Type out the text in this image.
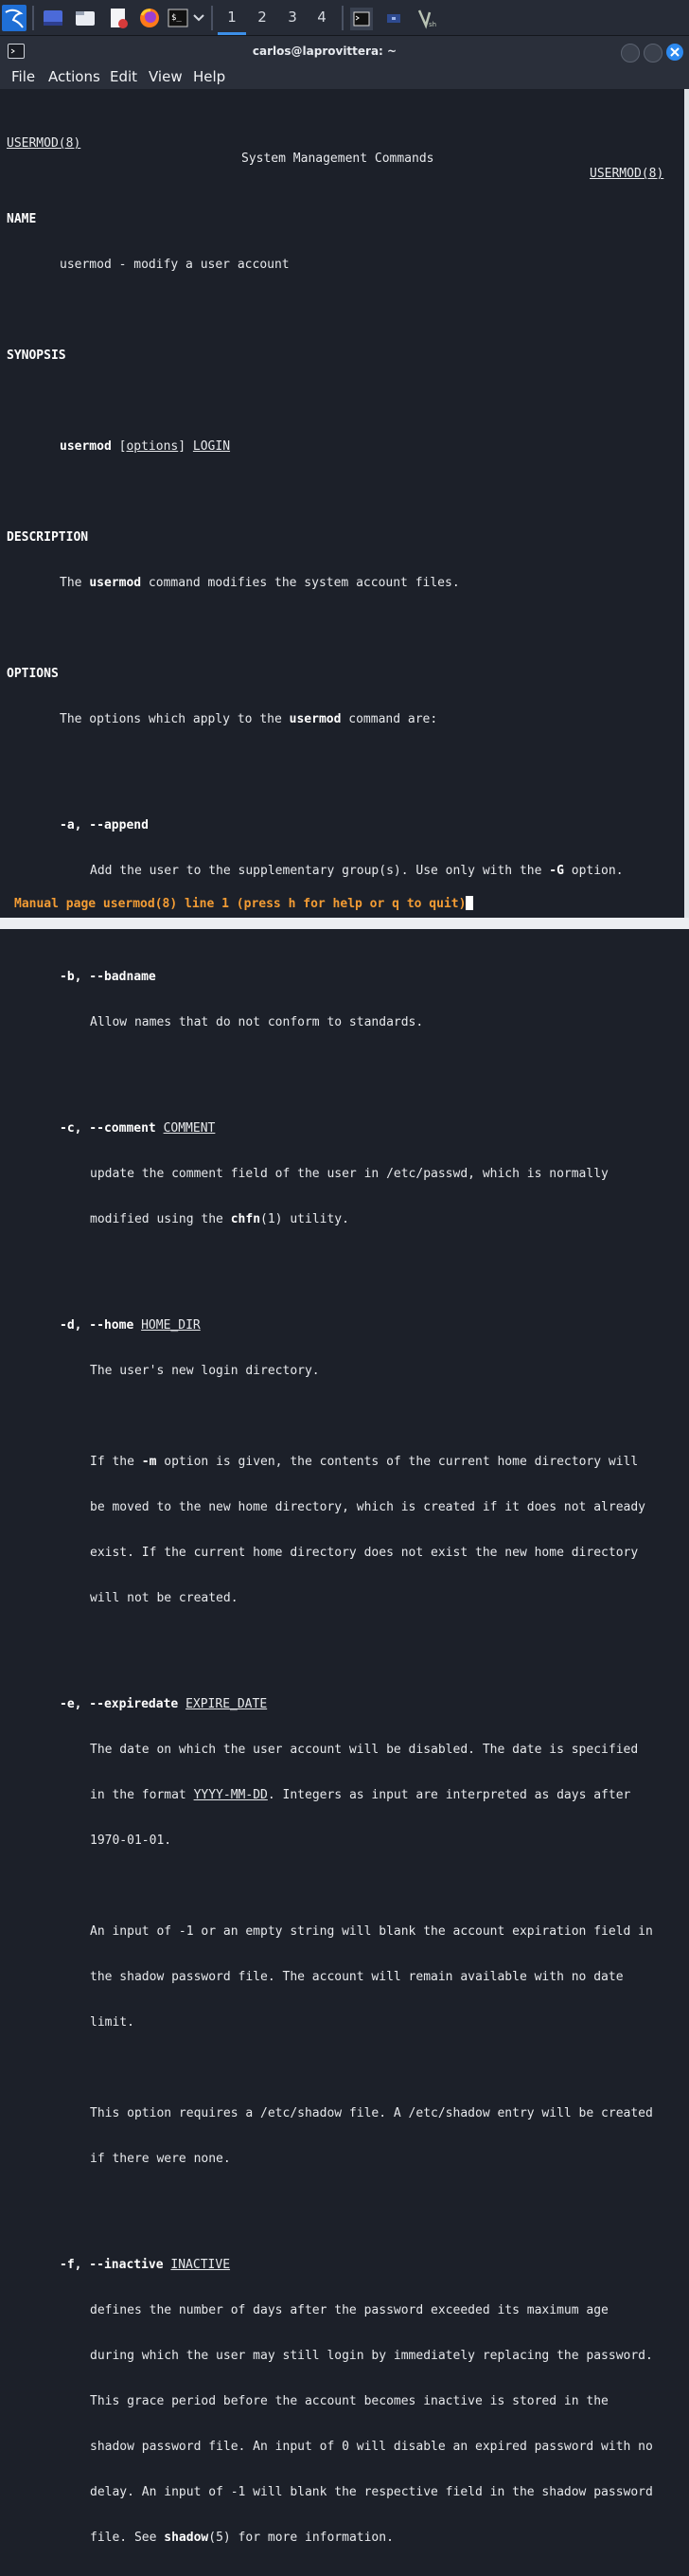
$_	1	2	3	4	sh
carlos@laprovittera: ~
File Actions Edit View Help

USERMOD(8)

System Management Commands

USERMOD(8)

NAME

usermod - modify a user account

SYNOPSIS

usermod [options] LOGIN

DESCRIPTION

The usermod command modifies the system account files.

OPTIONS

The options which apply to the usermod command are:

-a, --append

Add the user to the supplementary group(s). Use only with the -G option.

-b, --badname

Allow names that do not conform to standards.

-c, --comment COMMENT

update the comment field of the user in /etc/passwd, which is normally

modified using the chfn(1) utility.

-d, --home HOME_DIR

The user's new login directory.

If the -m option is given, the contents of the current home directory will

be moved to the new home directory, which is created if it does not already

exist. If the current home directory does not exist the new home directory

will not be created.

-e, --expiredate EXPIRE_DATE

The date on which the user account will be disabled. The date is specified

in the format YYYY-MM-DD. Integers as input are interpreted as days after

1970-01-01.

An input of -1 or an empty string will blank the account expiration field in

the shadow password file. The account will remain available with no date

limit.

This option requires a /etc/shadow file. A /etc/shadow entry will be created

if there were none.

-f, --inactive INACTIVE

defines the number of days after the password exceeded its maximum age

during which the user may still login by immediately replacing the password.

This grace period before the account becomes inactive is stored in the

shadow password file. An input of 0 will disable an expired password with no

delay. An input of -1 will blank the respective field in the shadow password

file. See shadow(5) for more information.

Manual page usermod(8) line 1 (press h for help or q to quit)
